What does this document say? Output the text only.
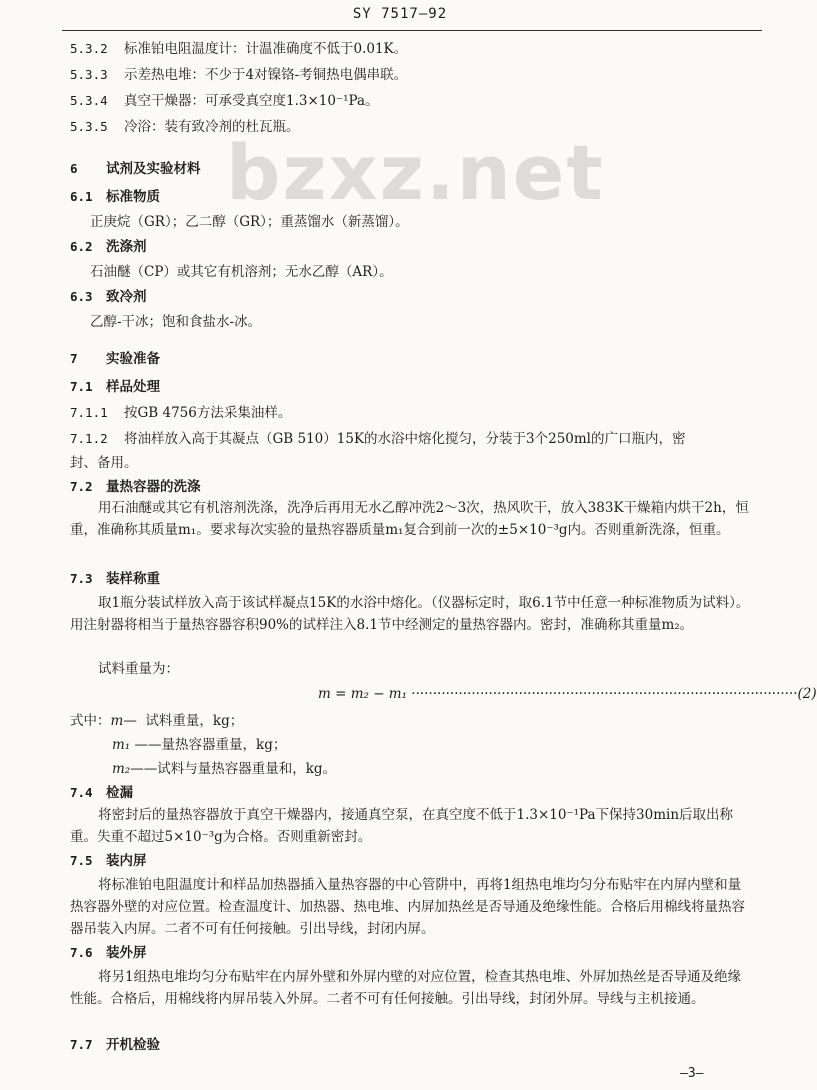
SY 7517—92
bzxz.net
5.3.2 标准铂电阻温度计：计温准确度不低于0.01K。
5.3.3 示差热电堆：不少于4对镍铬-考铜热电偶串联。
5.3.4 真空干燥器：可承受真空度1.3×10⁻¹Pa。
5.3.5 冷浴：装有致冷剂的杜瓦瓶。
6 试剂及实验材料
6.1 标准物质
正庚烷（GR）；乙二醇（GR）；重蒸馏水（新蒸馏）。
6.2 洗涤剂
石油醚（CP）或其它有机溶剂；无水乙醇（AR）。
6.3 致冷剂
乙醇-干冰；饱和食盐水-冰。
7 实验准备
7.1 样品处理
7.1.1 按GB 4756方法采集油样。
7.1.2 将油样放入高于其凝点（GB 510）15K的水浴中熔化搅匀，分装于3个250ml的广口瓶内，密
封、备用。
7.2 量热容器的洗涤
用石油醚或其它有机溶剂洗涤，洗净后再用无水乙醇冲洗2～3次，热风吹干，放入383K干燥箱内烘干2h，恒重，准确称其质量m₁。要求每次实验的量热容器质量m₁复合到前一次的±5×10⁻³g内。否则重新洗涤，恒重。
7.3 装样称重
取1瓶分装试样放入高于该试样凝点15K的水浴中熔化。（仪器标定时，取6.1节中任意一种标准物质为试料）。用注射器将相当于量热容器容积90%的试样注入8.1节中经测定的量热容器内。密封，准确称其重量m₂。
试料重量为：
m = m₂ − m₁ ··························································································(2)
式中：m— 试料重量，kg；
m₁ ——量热容器重量，kg；
m₂——试料与量热容器重量和，kg。
7.4 检漏
将密封后的量热容器放于真空干燥器内，接通真空泵，在真空度不低于1.3×10⁻¹Pa下保持30min后取出称重。失重不超过5×10⁻³g为合格。否则重新密封。
7.5 装内屏
将标准铂电阻温度计和样品加热器插入量热容器的中心管阱中，再将1组热电堆均匀分布贴牢在内屏内壁和量热容器外壁的对应位置。检查温度计、加热器、热电堆、内屏加热丝是否导通及绝缘性能。合格后用棉线将量热容器吊装入内屏。二者不可有任何接触。引出导线，封闭内屏。
7.6 装外屏
将另1组热电堆均匀分布贴牢在内屏外壁和外屏内壁的对应位置，检查其热电堆、外屏加热丝是否导通及绝缘性能。合格后，用棉线将内屏吊装入外屏。二者不可有任何接触。引出导线，封闭外屏。导线与主机接通。
7.7 开机检验
—3—
